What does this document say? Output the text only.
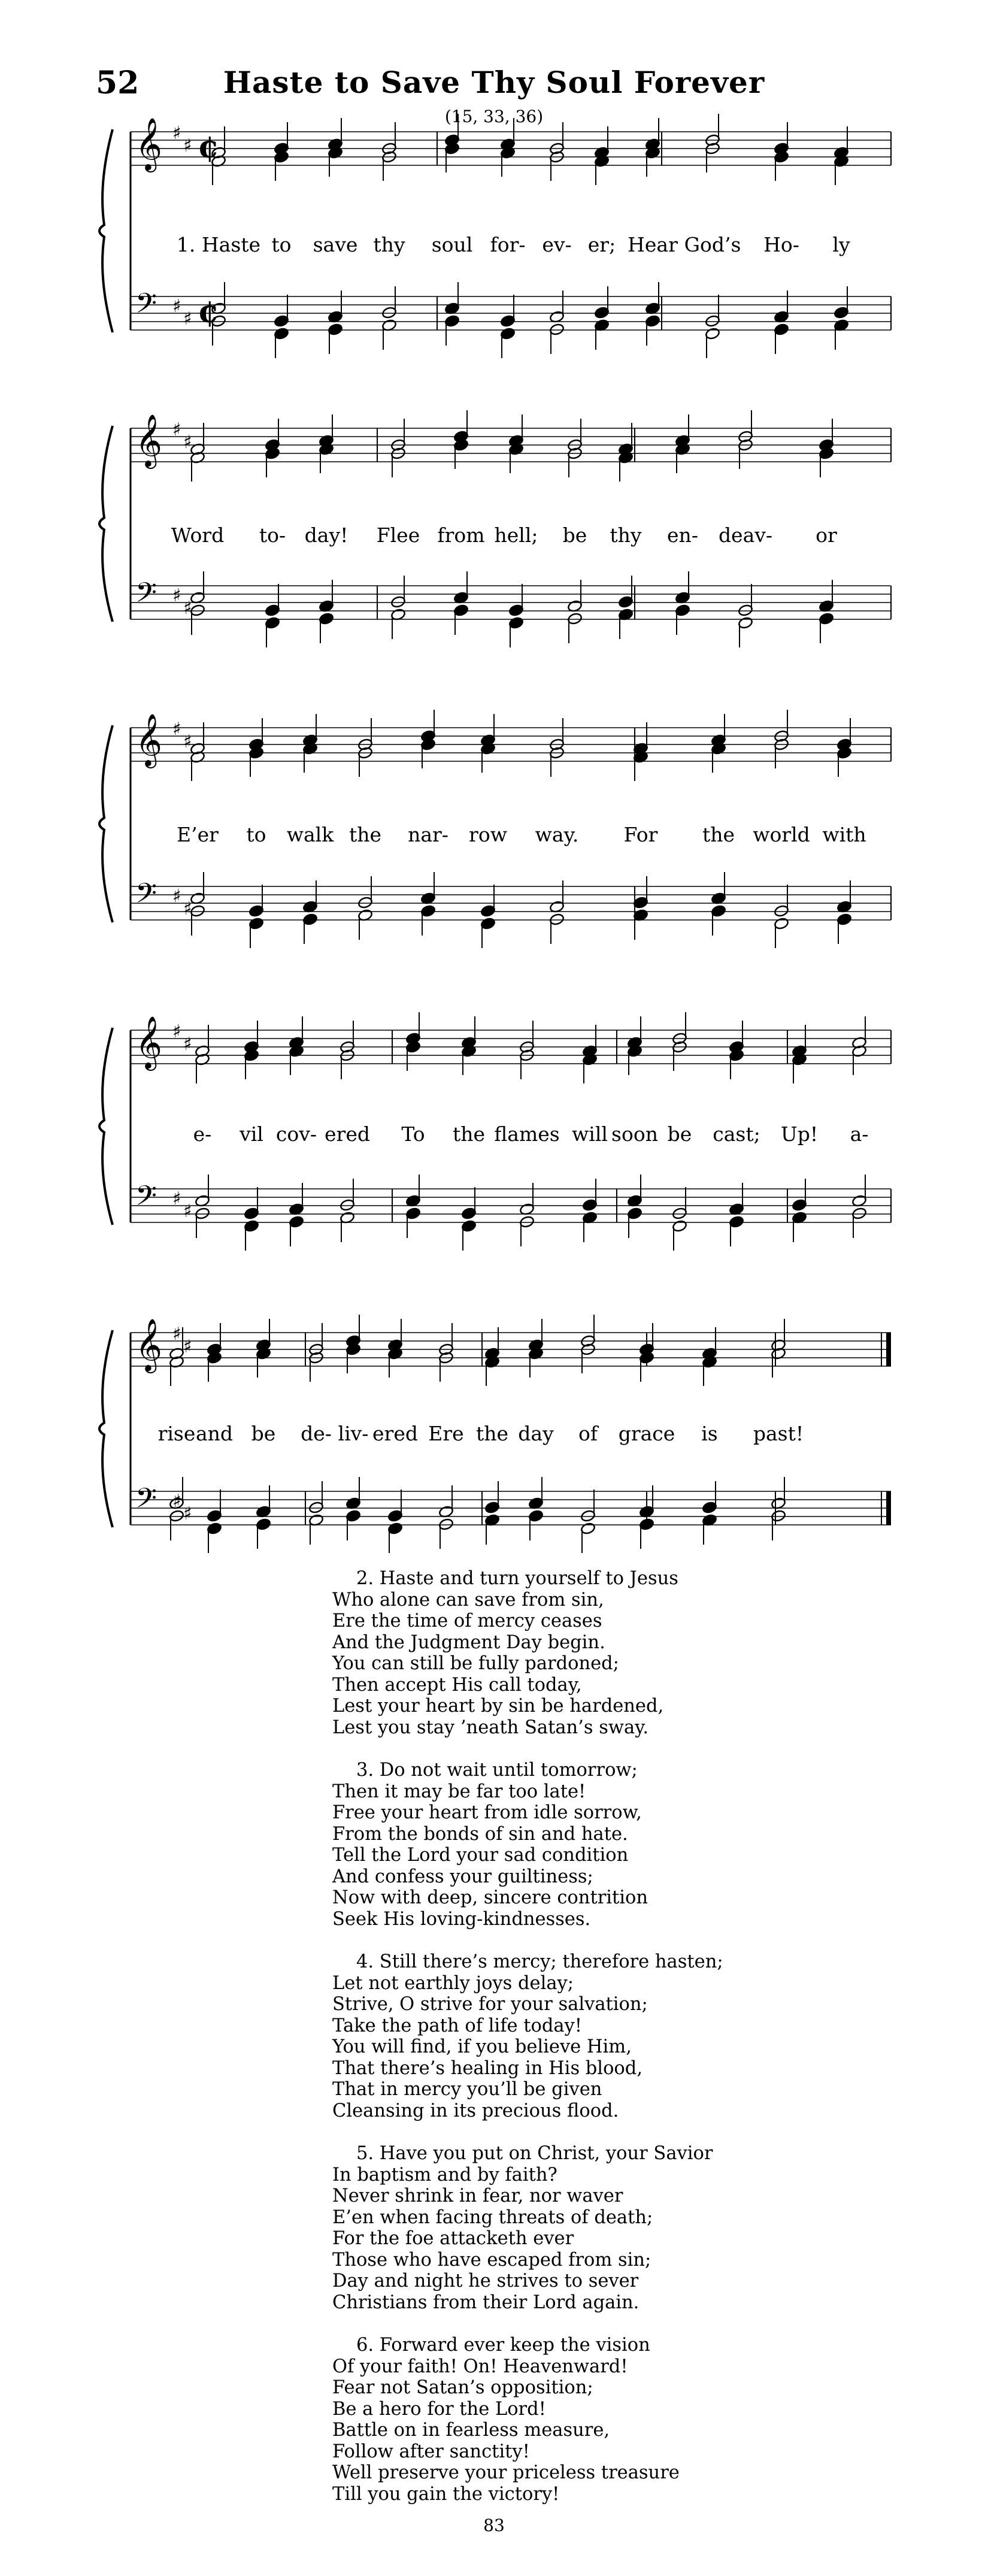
52	Haste to Save Thy Soul Forever
(15, 33, 36)
𝄞 ♯
♯ ¢
𝄢 ♯
♯ ¢
1. Haste to save thy soul for- ev- er; Hear God’s Ho- ly
𝄞 ♯
♯
𝄢 ♯
♯
Word to- day! Flee from hell; be thy en- deav- or
𝄞 ♯
♯
𝄢 ♯
♯
E’er to walk the nar- row way. For the world with
𝄞 ♯
♯
𝄢 ♯
♯
e- vil cov- ered To the flames will soon be cast; Up! a-
𝄞 ♯
♯
𝄢 ♯
♯
rise and be de- liv- ered Ere the day of grace is past!
2. Haste and turn yourself to Jesus
Who alone can save from sin,
Ere the time of mercy ceases
And the Judgment Day begin.
You can still be fully pardoned;
Then accept His call today,
Lest your heart by sin be hardened,
Lest you stay ’neath Satan’s sway.
3. Do not wait until tomorrow;
Then it may be far too late!
Free your heart from idle sorrow,
From the bonds of sin and hate.
Tell the Lord your sad condition
And confess your guiltiness;
Now with deep, sincere contrition
Seek His loving-kindnesses.
4. Still there’s mercy; therefore hasten;
Let not earthly joys delay;
Strive, O strive for your salvation;
Take the path of life today!
You will find, if you believe Him,
That there’s healing in His blood,
That in mercy you’ll be given
Cleansing in its precious flood.
5. Have you put on Christ, your Savior
In baptism and by faith?
Never shrink in fear, nor waver
E’en when facing threats of death;
For the foe attacketh ever
Those who have escaped from sin;
Day and night he strives to sever
Christians from their Lord again.
6. Forward ever keep the vision
Of your faith! On! Heavenward!
Fear not Satan’s opposition;
Be a hero for the Lord!
Battle on in fearless measure,
Follow after sanctity!
Well preserve your priceless treasure
Till you gain the victory!
83
